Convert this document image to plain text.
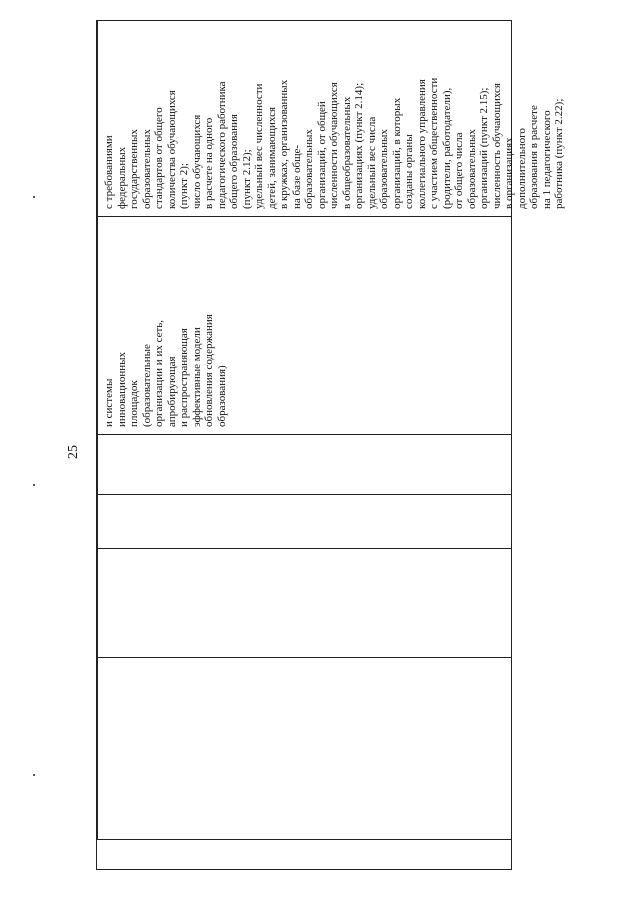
25
с требованиями
федеральных
государственных
образовательных
стандартов от общего
количества обучающихся
(пункт 2);
число обучающихся
в расчете на одного
педагогического работника
общего образования
(пункт 2.12);
удельный вес численности
детей, занимающихся
в кружках, организованных
на базе обще-
образовательных
организаций, от общей
численности обучающихся
в общеобразовательных
организациях (пункт 2.14);
удельный вес числа
образовательных
организаций, в которых
созданы органы
коллегиального управления
с участием общественности
(родители, работодатели),
от общего числа
образовательных
организаций (пункт 2.15);
численность обучающихся
в организациях
дополнительного
образования в расчете
на 1 педагогического
работника (пункт 2.22);
и системы
инновационных
площадок
(образовательные
организации и их сеть,
апробирующая
и распространяющая
эффективные модели
обновления содержания
образования)
